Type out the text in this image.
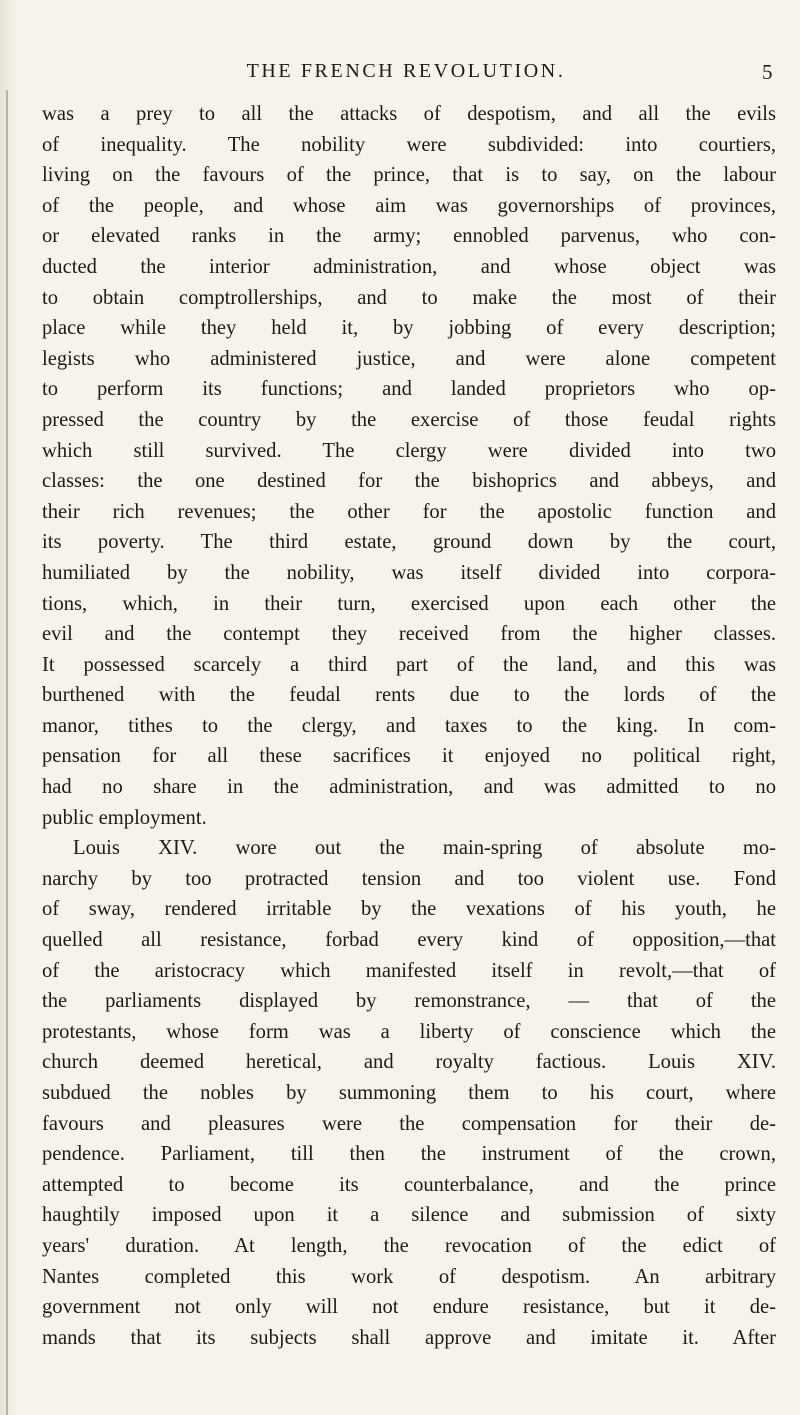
THE FRENCH REVOLUTION.	5
was a prey to all the attacks of despotism, and all the evils
of inequality. The nobility were subdivided: into courtiers,
living on the favours of the prince, that is to say, on the labour
of the people, and whose aim was governorships of provinces,
or elevated ranks in the army; ennobled parvenus, who con-
ducted the interior administration, and whose object was
to obtain comptrollerships, and to make the most of their
place while they held it, by jobbing of every description;
legists who administered justice, and were alone competent
to perform its functions; and landed proprietors who op-
pressed the country by the exercise of those feudal rights
which still survived. The clergy were divided into two
classes: the one destined for the bishoprics and abbeys, and
their rich revenues; the other for the apostolic function and
its poverty. The third estate, ground down by the court,
humiliated by the nobility, was itself divided into corpora-
tions, which, in their turn, exercised upon each other the
evil and the contempt they received from the higher classes.
It possessed scarcely a third part of the land, and this was
burthened with the feudal rents due to the lords of the
manor, tithes to the clergy, and taxes to the king. In com-
pensation for all these sacrifices it enjoyed no political right,
had no share in the administration, and was admitted to no
public employment.
Louis XIV. wore out the main-spring of absolute mo-
narchy by too protracted tension and too violent use. Fond
of sway, rendered irritable by the vexations of his youth, he
quelled all resistance, forbad every kind of opposition,—that
of the aristocracy which manifested itself in revolt,—that of
the parliaments displayed by remonstrance, — that of the
protestants, whose form was a liberty of conscience which the
church deemed heretical, and royalty factious. Louis XIV.
subdued the nobles by summoning them to his court, where
favours and pleasures were the compensation for their de-
pendence. Parliament, till then the instrument of the crown,
attempted to become its counterbalance, and the prince
haughtily imposed upon it a silence and submission of sixty
years' duration. At length, the revocation of the edict of
Nantes completed this work of despotism. An arbitrary
government not only will not endure resistance, but it de-
mands that its subjects shall approve and imitate it. After
